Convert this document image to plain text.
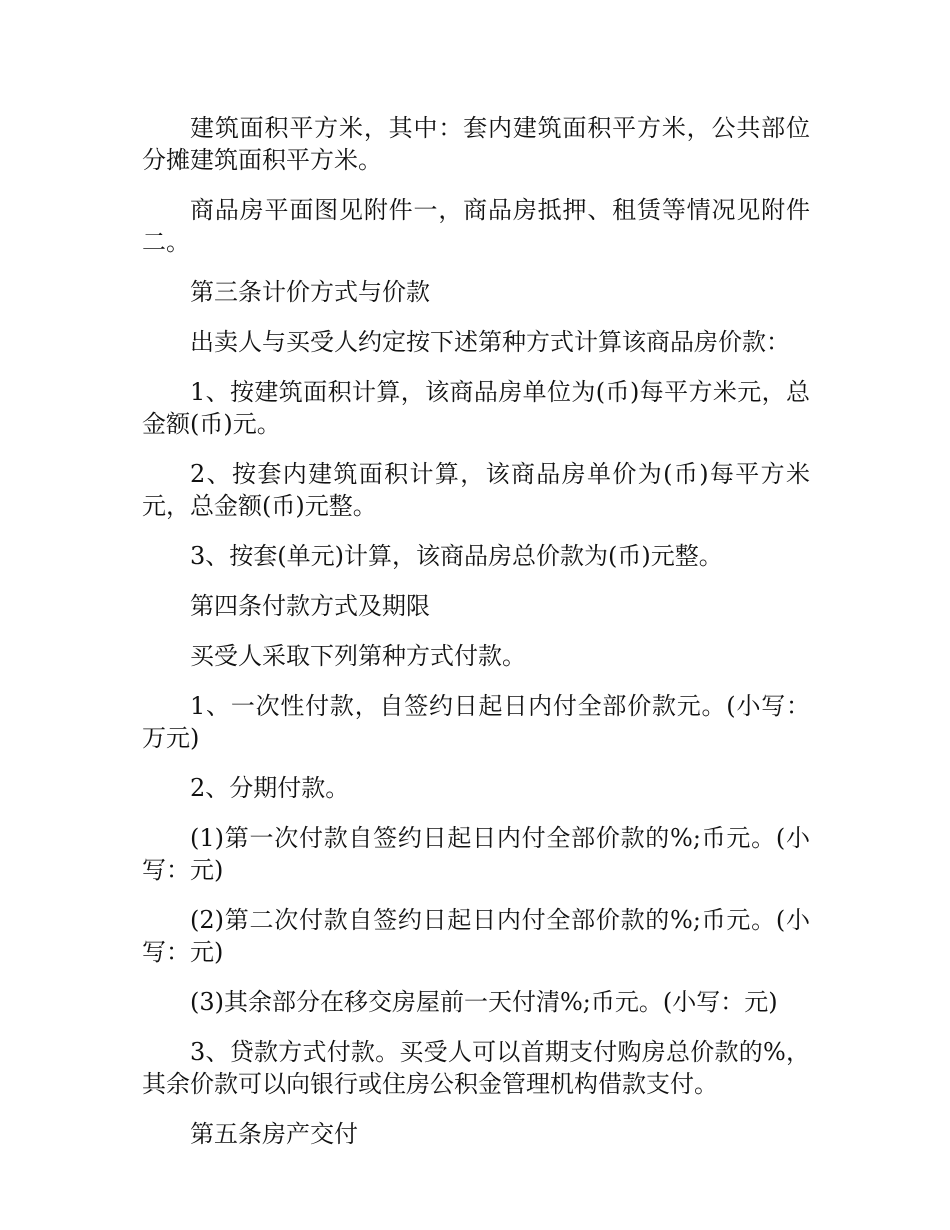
建筑面积平方米，其中：套内建筑面积平方米，公共部位分摊建筑面积平方米。

商品房平面图见附件一，商品房抵押、租赁等情况见附件二。

第三条计价方式与价款

出卖人与买受人约定按下述第种方式计算该商品房价款：

1、按建筑面积计算，该商品房单位为(币)每平方米元，总金额(币)元。

2、按套内建筑面积计算，该商品房单价为(币)每平方米元，总金额(币)元整。

3、按套(单元)计算，该商品房总价款为(币)元整。

第四条付款方式及期限

买受人采取下列第种方式付款。

1、一次性付款，自签约日起日内付全部价款元。(小写：万元)

2、分期付款。

(1)第一次付款自签约日起日内付全部价款的%;币元。(小写：元)

(2)第二次付款自签约日起日内付全部价款的%;币元。(小写：元)

(3)其余部分在移交房屋前一天付清%;币元。(小写：元)

3、贷款方式付款。买受人可以首期支付购房总价款的%，其余价款可以向银行或住房公积金管理机构借款支付。

第五条房产交付
